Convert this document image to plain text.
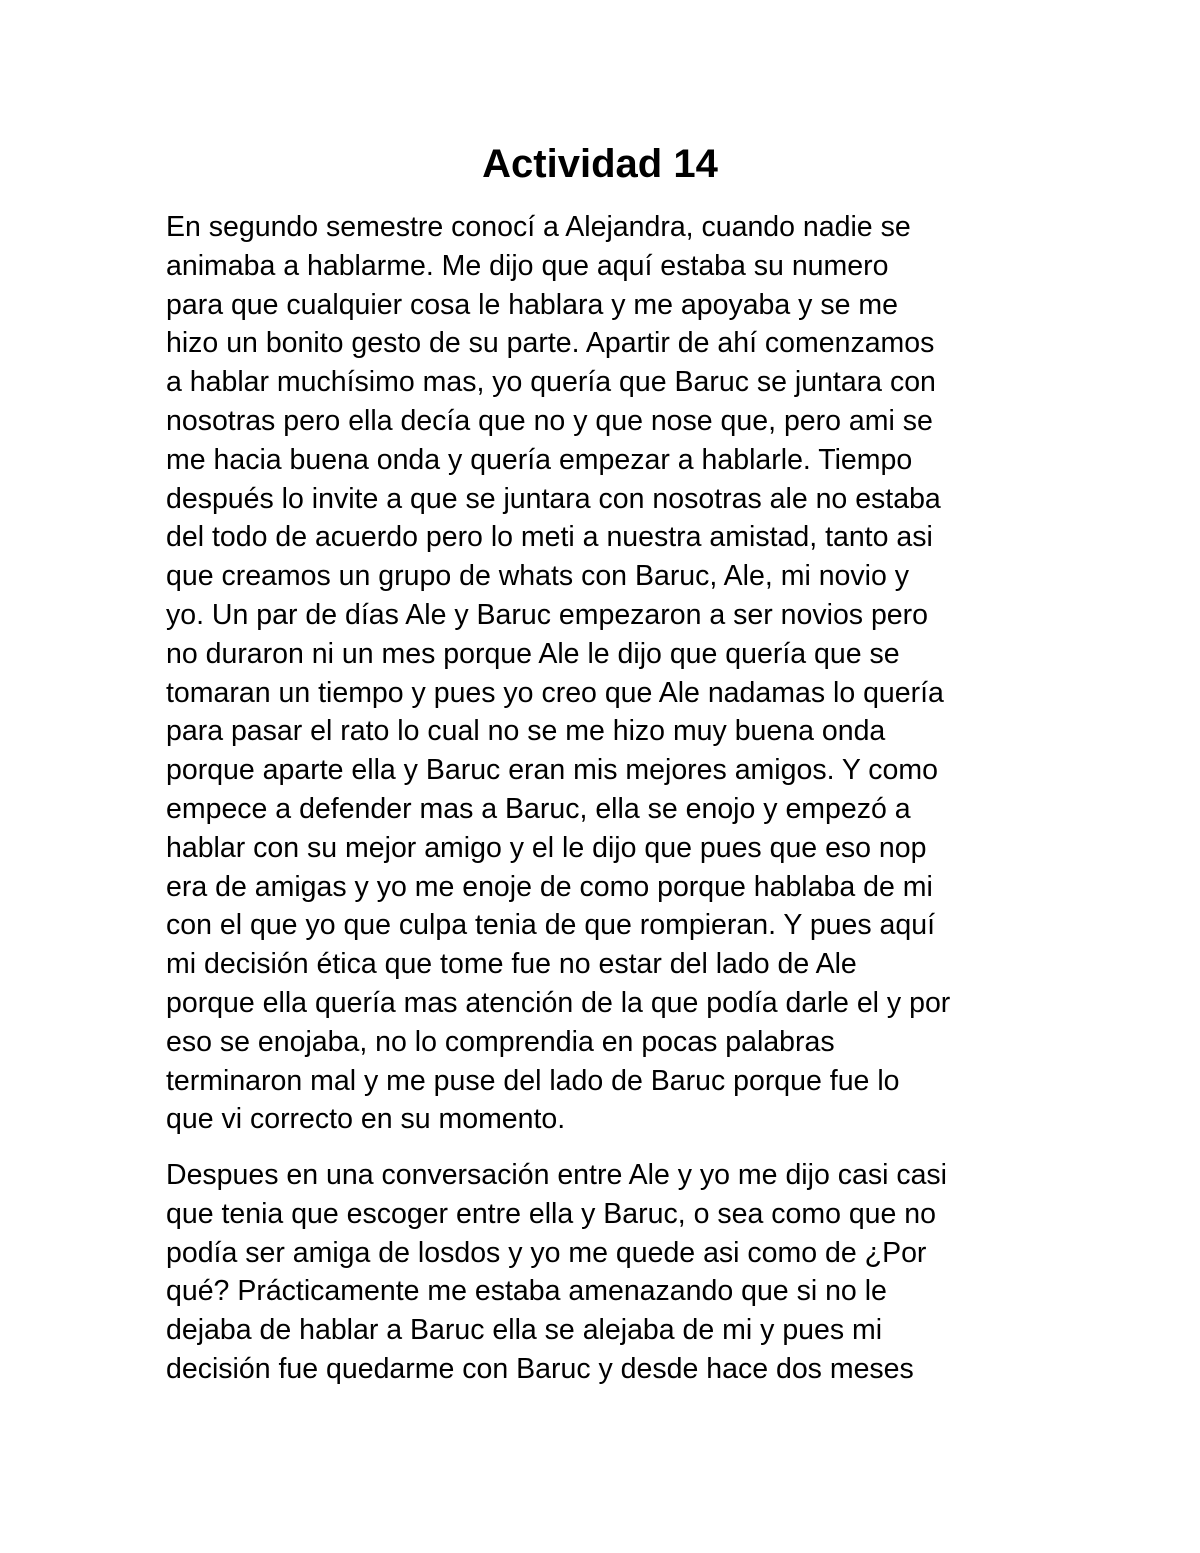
Actividad 14
En segundo semestre conocí a Alejandra, cuando nadie se
animaba a hablarme. Me dijo que aquí estaba su numero
para que cualquier cosa le hablara y me apoyaba y se me
hizo un bonito gesto de su parte. Apartir de ahí comenzamos
a hablar muchísimo mas, yo quería que Baruc se juntara con
nosotras pero ella decía que no y que nose que, pero ami se
me hacia buena onda y quería empezar a hablarle. Tiempo
después lo invite a que se juntara con nosotras ale no estaba
del todo de acuerdo pero lo meti a nuestra amistad, tanto asi
que creamos un grupo de whats con Baruc, Ale, mi novio y
yo. Un par de días Ale y Baruc empezaron a ser novios pero
no duraron ni un mes porque Ale le dijo que quería que se
tomaran un tiempo y pues yo creo que Ale nadamas lo quería
para pasar el rato lo cual no se me hizo muy buena onda
porque aparte ella y Baruc eran mis mejores amigos. Y como
empece a defender mas a Baruc, ella se enojo y empezó a
hablar con su mejor amigo y el le dijo que pues que eso nop
era de amigas y yo me enoje de como porque hablaba de mi
con el que yo que culpa tenia de que rompieran. Y pues aquí
mi decisión ética que tome fue no estar del lado de Ale
porque ella quería mas atención de la que podía darle el y por
eso se enojaba, no lo comprendia en pocas palabras
terminaron mal y me puse del lado de Baruc porque fue lo
que vi correcto en su momento.
Despues en una conversación entre Ale y yo me dijo casi casi
que tenia que escoger entre ella y Baruc, o sea como que no
podía ser amiga de losdos y yo me quede asi como de ¿Por
qué? Prácticamente me estaba amenazando que si no le
dejaba de hablar a Baruc ella se alejaba de mi y pues mi
decisión fue quedarme con Baruc y desde hace dos meses
